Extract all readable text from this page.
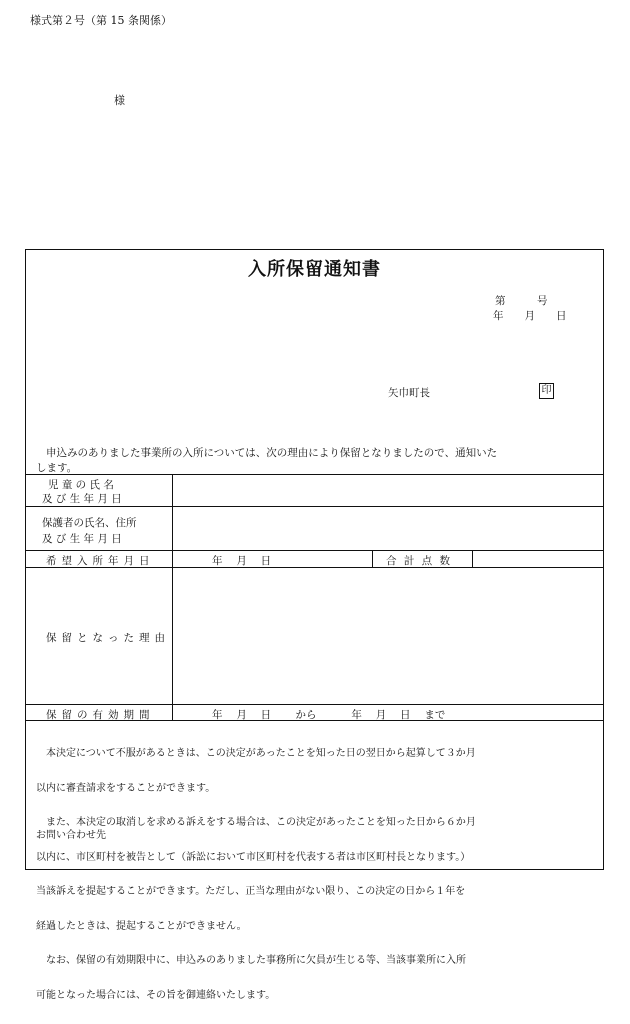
様式第２号（第 15 条関係）
様
入所保留通知書
第　　　号
年　　月　　日
矢巾町長	印
申込みのありました事業所の入所については、次の理由により保留となりましたので、通知いた
します。
児 童 の 氏 名
及 び 生 年 月 日
保護者の氏名、住所
及 び 生 年 月 日
希望入所年月日	年　 月　 日	合 計 点 数
保留となった理由
保留の有効期間	年　 月　 日　　 から　　　 年　 月　 日　 まで

　本決定について不服があるときは、この決定があったことを知った日の翌日から起算して３か月

以内に審査請求をすることができます。

　また、本決定の取消しを求める訴えをする場合は、この決定があったことを知った日から６か月

以内に、市区町村を被告として（訴訟において市区町村を代表する者は市区町村長となります。）

当該訴えを提起することができます。ただし、正当な理由がない限り、この決定の日から１年を

経過したときは、提起することができません。

　なお、保留の有効期限中に、申込みのありました事務所に欠員が生じる等、当該事業所に入所

可能となった場合には、その旨を御連絡いたします。

お問い合わせ先
